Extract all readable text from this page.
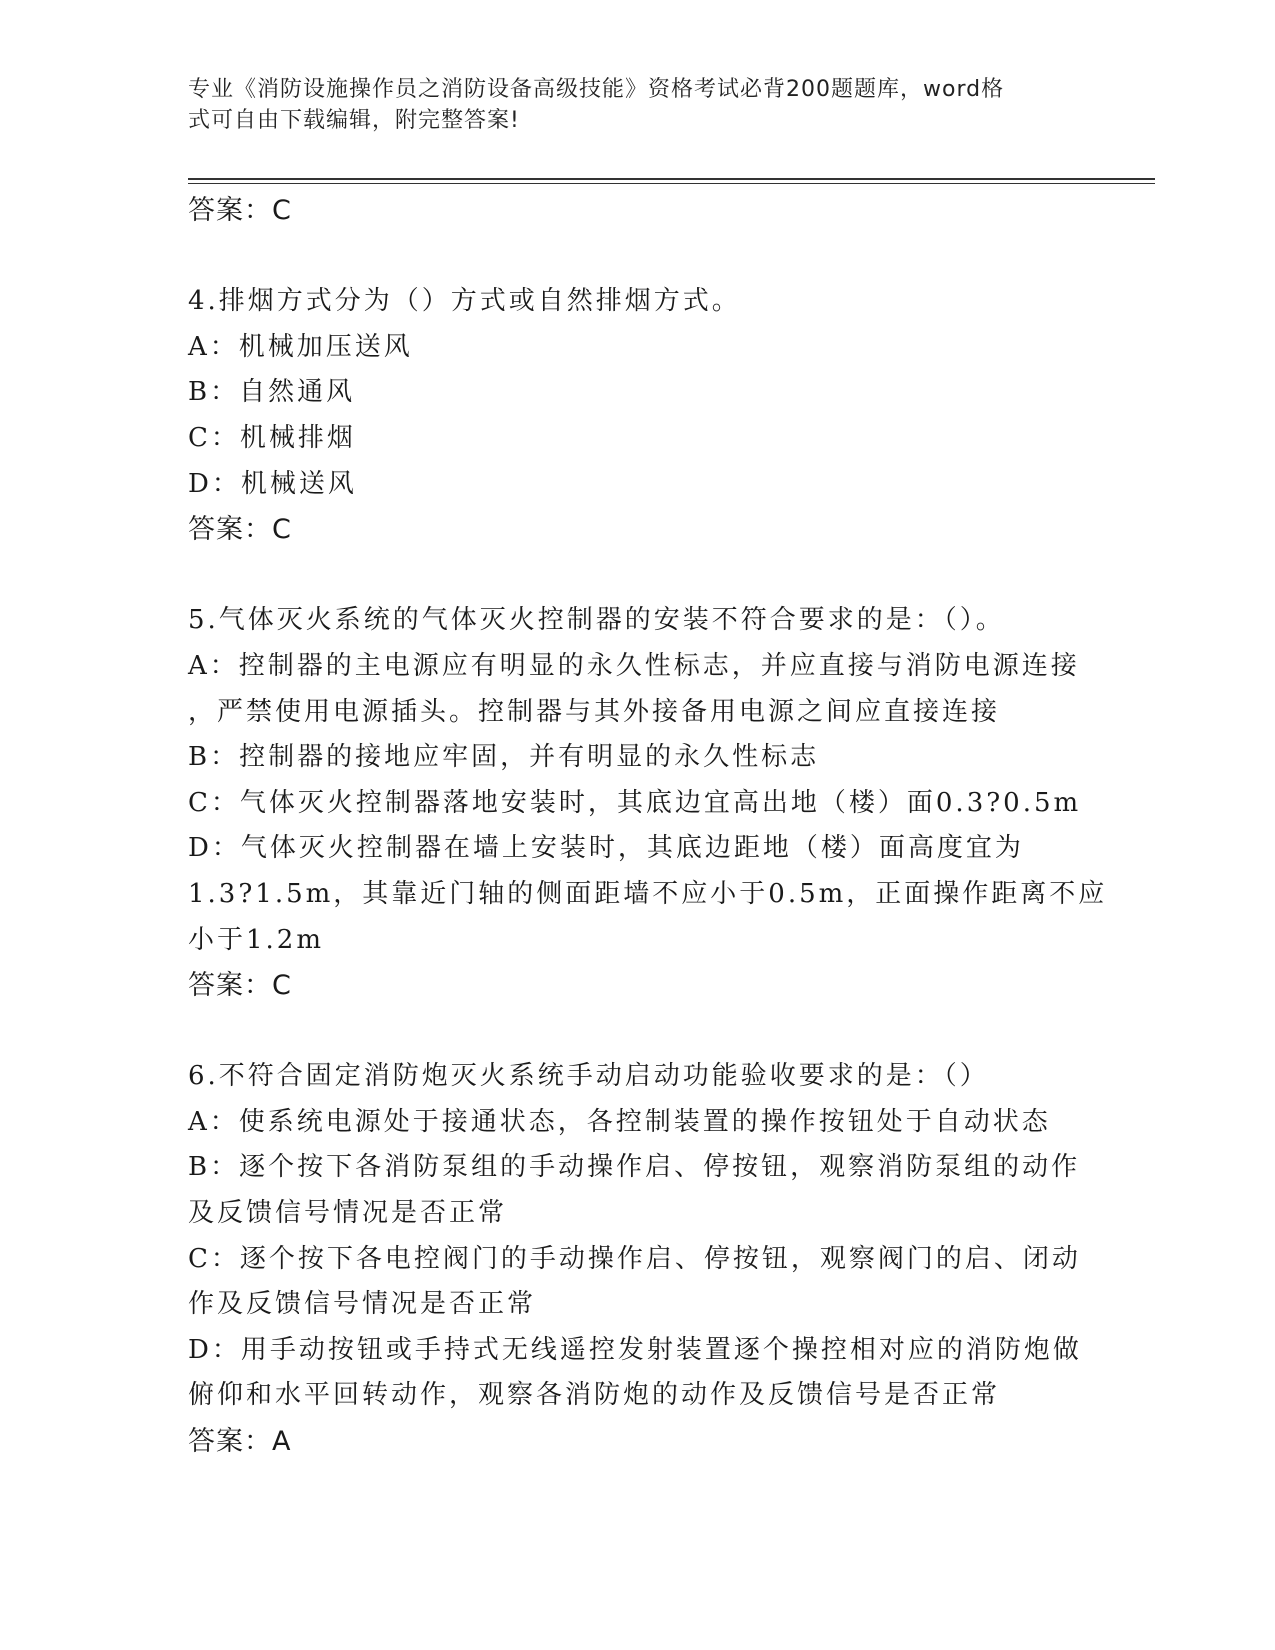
专业《消防设施操作员之消防设备高级技能》资格考试必背200题题库，word格
式可自由下载编辑，附完整答案!
答案：C
4.排烟方式分为（）方式或自然排烟方式。
A：机械加压送风
B：自然通风
C：机械排烟
D：机械送风
答案：C
5.气体灭火系统的气体灭火控制器的安装不符合要求的是：（）。
A：控制器的主电源应有明显的永久性标志，并应直接与消防电源连接
，严禁使用电源插头。控制器与其外接备用电源之间应直接连接
B：控制器的接地应牢固，并有明显的永久性标志
C：气体灭火控制器落地安装时，其底边宜高出地（楼）面0.3?0.5m
D：气体灭火控制器在墙上安装时，其底边距地（楼）面高度宜为
1.3?1.5m，其靠近门轴的侧面距墙不应小于0.5m，正面操作距离不应
小于1.2m
答案：C
6.不符合固定消防炮灭火系统手动启动功能验收要求的是：（）
A：使系统电源处于接通状态，各控制装置的操作按钮处于自动状态
B：逐个按下各消防泵组的手动操作启、停按钮，观察消防泵组的动作
及反馈信号情况是否正常
C：逐个按下各电控阀门的手动操作启、停按钮，观察阀门的启、闭动
作及反馈信号情况是否正常
D：用手动按钮或手持式无线遥控发射装置逐个操控相对应的消防炮做
俯仰和水平回转动作，观察各消防炮的动作及反馈信号是否正常
答案：A
